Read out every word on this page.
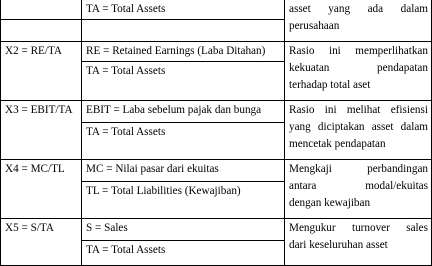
	TA = Total Assets	asset yang ada dalam
perusahaan

X2 = RE/TA	RE = Retained Earnings (Laba Ditahan)	Rasio ini memperlihatkan
kekuatan pendapatan
terhadap total aset

	TA = Total Assets	
X3 = EBIT/TA	EBIT = Laba sebelum pajak dan bunga	Rasio ini melihat efisiensi
yang diciptakan asset dalam
mencetak pendapatan

	TA = Total Assets	
X4 = MC/TL	MC = Nilai pasar dari ekuitas	Mengkaji perbandingan
antara modal/ekuitas
dengan kewajiban

	TL = Total Liabilities (Kewajiban)	
X5 = S/TA	S = Sales	Mengukur turnover sales
dari keseluruhan asset

	TA = Total Assets	
